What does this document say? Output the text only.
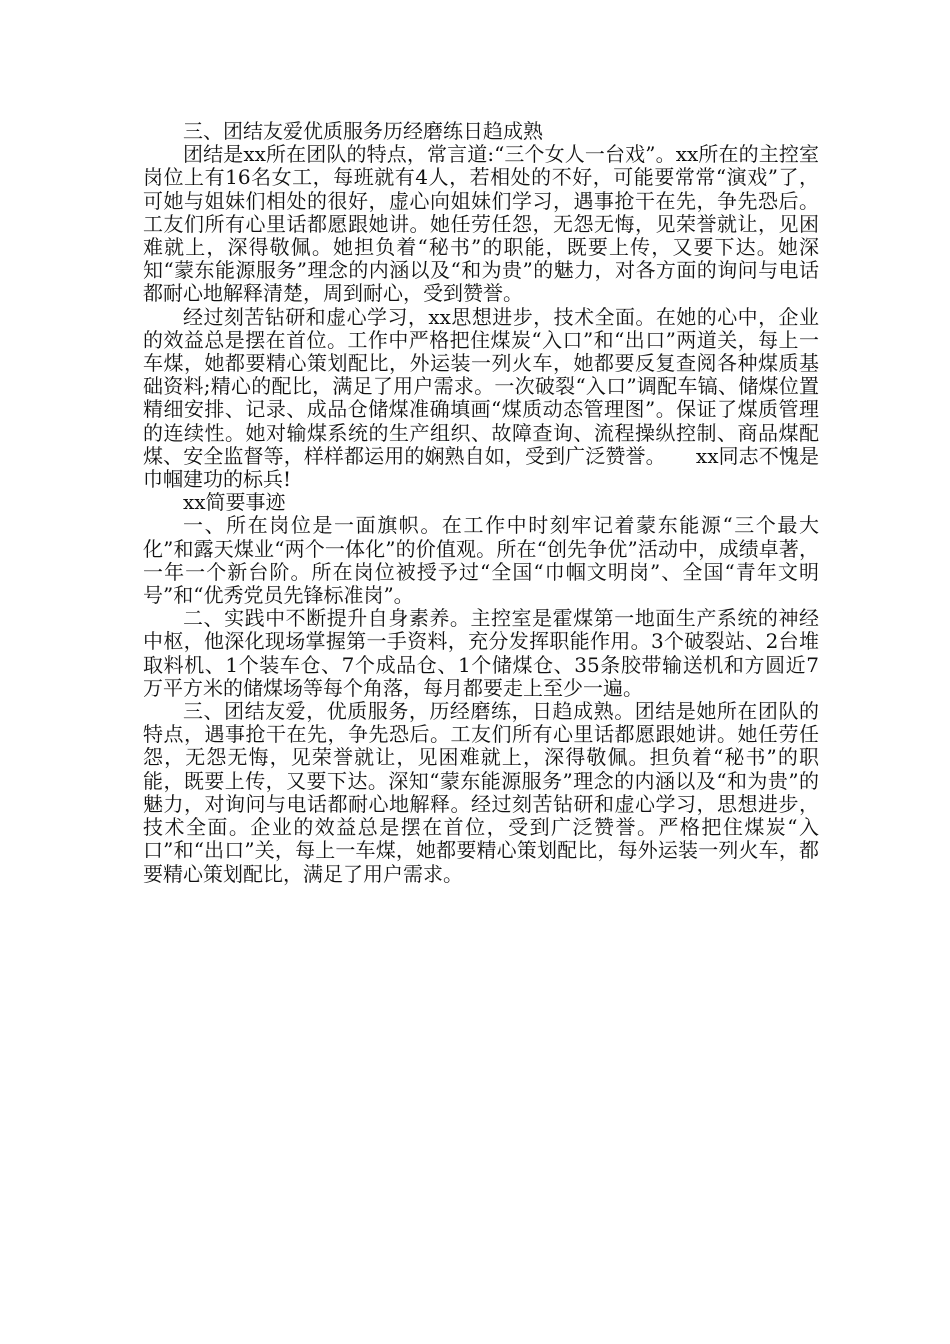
三、团结友爱优质服务历经磨练日趋成熟

团结是xx所在团队的特点，常言道:“三个女人一台戏”。xx所在的主控室岗位上有16名女工，每班就有4人，若相处的不好，可能要常常“演戏”了，可她与姐妹们相处的很好，虚心向姐妹们学习，遇事抢干在先，争先恐后。工友们所有心里话都愿跟她讲。她任劳任怨，无怨无悔，见荣誉就让，见困难就上，深得敬佩。她担负着“秘书”的职能，既要上传，又要下达。她深知“蒙东能源服务”理念的内涵以及“和为贵”的魅力，对各方面的询问与电话都耐心地解释清楚，周到耐心，受到赞誉。

经过刻苦钻研和虚心学习，xx思想进步，技术全面。在她的心中，企业的效益总是摆在首位。工作中严格把住煤炭“入口”和“出口”两道关，每上一车煤，她都要精心策划配比，外运装一列火车，她都要反复查阅各种煤质基础资料;精心的配比，满足了用户需求。一次破裂“入口”调配车镐、储煤位置精细安排、记录、成品仓储煤准确填画“煤质动态管理图”。保证了煤质管理的连续性。她对输煤系统的生产组织、故障查询、流程操纵控制、商品煤配煤、安全监督等，样样都运用的娴熟自如，受到广泛赞誉。　　xx同志不愧是巾帼建功的标兵!

xx简要事迹

一、所在岗位是一面旗帜。在工作中时刻牢记着蒙东能源“三个最大化”和露天煤业“两个一体化”的价值观。所在“创先争优”活动中，成绩卓著，一年一个新台阶。所在岗位被授予过“全国“巾帼文明岗”、全国“青年文明号”和“优秀党员先锋标准岗”。

二、实践中不断提升自身素养。主控室是霍煤第一地面生产系统的神经中枢，他深化现场掌握第一手资料，充分发挥职能作用。3个破裂站、2台堆取料机、1个装车仓、7个成品仓、1个储煤仓、35条胶带输送机和方圆近7万平方米的储煤场等每个角落，每月都要走上至少一遍。

三、团结友爱，优质服务，历经磨练，日趋成熟。团结是她所在团队的特点，遇事抢干在先，争先恐后。工友们所有心里话都愿跟她讲。她任劳任怨，无怨无悔，见荣誉就让，见困难就上，深得敬佩。担负着“秘书”的职能，既要上传，又要下达。深知“蒙东能源服务”理念的内涵以及“和为贵”的魅力，对询问与电话都耐心地解释。经过刻苦钻研和虚心学习，思想进步，技术全面。企业的效益总是摆在首位，受到广泛赞誉。严格把住煤炭“入口”和“出口”关，每上一车煤，她都要精心策划配比，每外运装一列火车，都要精心策划配比，满足了用户需求。
